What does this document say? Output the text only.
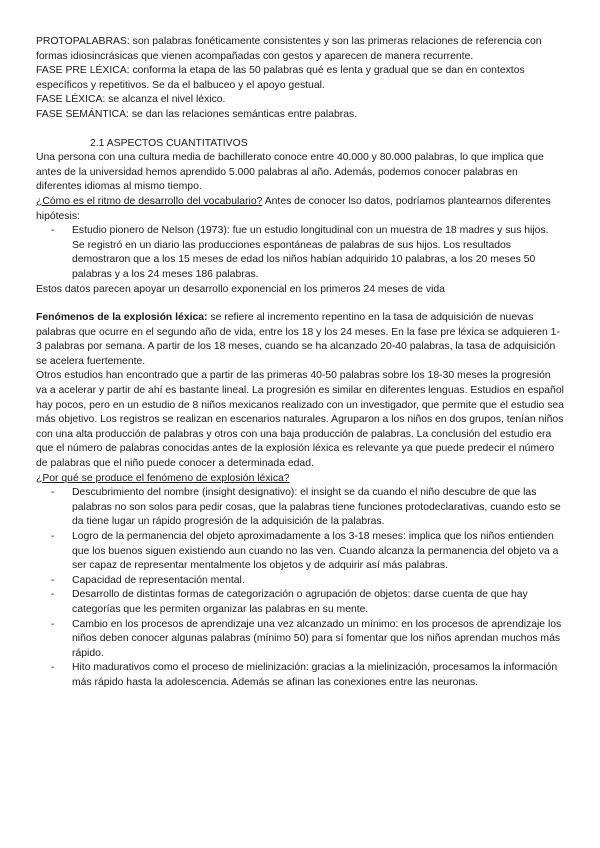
PROTOPALABRAS: son palabras fonéticamente consistentes y son las primeras relaciones de referencia con formas idiosincrásicas que vienen acompañadas con gestos y aparecen de manera recurrente.

FASE PRE LÉXICA: conforma la etapa de las 50 palabras qué es lenta y gradual que se dan en contextos específicos y repetitivos. Se da el balbuceo y el apoyo gestual.

FASE LÉXICA: se alcanza el nivel léxico.

FASE SEMÁNTICA: se dan las relaciones semánticas entre palabras.

2.1 ASPECTOS CUANTITATIVOS

Una persona con una cultura media de bachillerato conoce entre 40.000 y 80.000 palabras, lo que implica que antes de la universidad hemos aprendido 5.000 palabras al año. Además, podemos conocer palabras en diferentes idiomas al mismo tiempo.

¿Cómo es el ritmo de desarrollo del vocabulario? Antes de conocer lso datos, podríamos plantearnos diferentes hipótesis:

- Estudio pionero de Nelson (1973): fue un estudio longitudinal con un muestra de 18 madres y sus hijos. Se registró en un diario las producciones espontáneas de palabras de sus hijos. Los resultados demostraron que a los 15 meses de edad los niños habían adquirido 10 palabras, a los 20 meses 50 palabras y a los 24 meses 186 palabras.

Estos datos parecen apoyar un desarrollo exponencial en los primeros 24 meses de vida

Fenómenos de la explosión léxica: se refiere al incremento repentino en la tasa de adquisición de nuevas palabras que ocurre en el segundo año de vida, entre los 18 y los 24 meses. En la fase pre léxica se adquieren 1-3 palabras por semana. A partir de los 18 meses, cuando se ha alcanzado 20-40 palabras, la tasa de adquisición se acelera fuertemente.

Otros estudios han encontrado que a partir de las primeras 40-50 palabras sobre los 18-30 meses la progresión va a acelerar y partir de ahí es bastante lineal. La progresión es similar en diferentes lenguas. Estudios en español hay pocos, pero en un estudio de 8 niños mexicanos realizado con un investigador, que permite que el estudio sea más objetivo. Los registros se realizan en escenarios naturales. Agruparon a los niños en dos grupos, tenían niños con una alta producción de palabras y otros con una baja producción de palabras. La conclusión del estudio era que el número de palabras conocidas antes de la explosión léxica es relevante ya que puede predecir el número de palabras que el niño puede conocer a determinada edad.

¿Por qué se produce el fenómeno de explosión léxica?

- Descubrimiento del nombre (insight designativo): el insight se da cuando el niño descubre de que las palabras no son solos para pedir cosas, que la palabras tiene funciones protodeclarativas, cuando esto se da tiene lugar un rápido progresión de la adquisición de la palabras.
- Logro de la permanencia del objeto aproximadamente a los 3-18 meses: implica que los niños entienden que los buenos siguen existiendo aun cuando no las ven. Cuando alcanza la permanencia del objeto va a ser capaz de representar mentalmente los objetos y de adquirir así más palabras.
- Capacidad de representación mental.
- Desarrollo de distintas formas de categorización o agrupación de objetos: darse cuenta de que hay categorías que les permiten organizar las palabras en su mente.
- Cambio en los procesos de aprendizaje una vez alcanzado un mínimo: en los procesos de aprendizaje los niños deben conocer algunas palabras (mínimo 50) para sí fomentar que los niños aprendan muchos más rápido.
- Hito madurativos como el proceso de mielinización: gracias a la mielinización, procesamos la información más rápido hasta la adolescencia. Además se afinan las conexiones entre las neuronas.
